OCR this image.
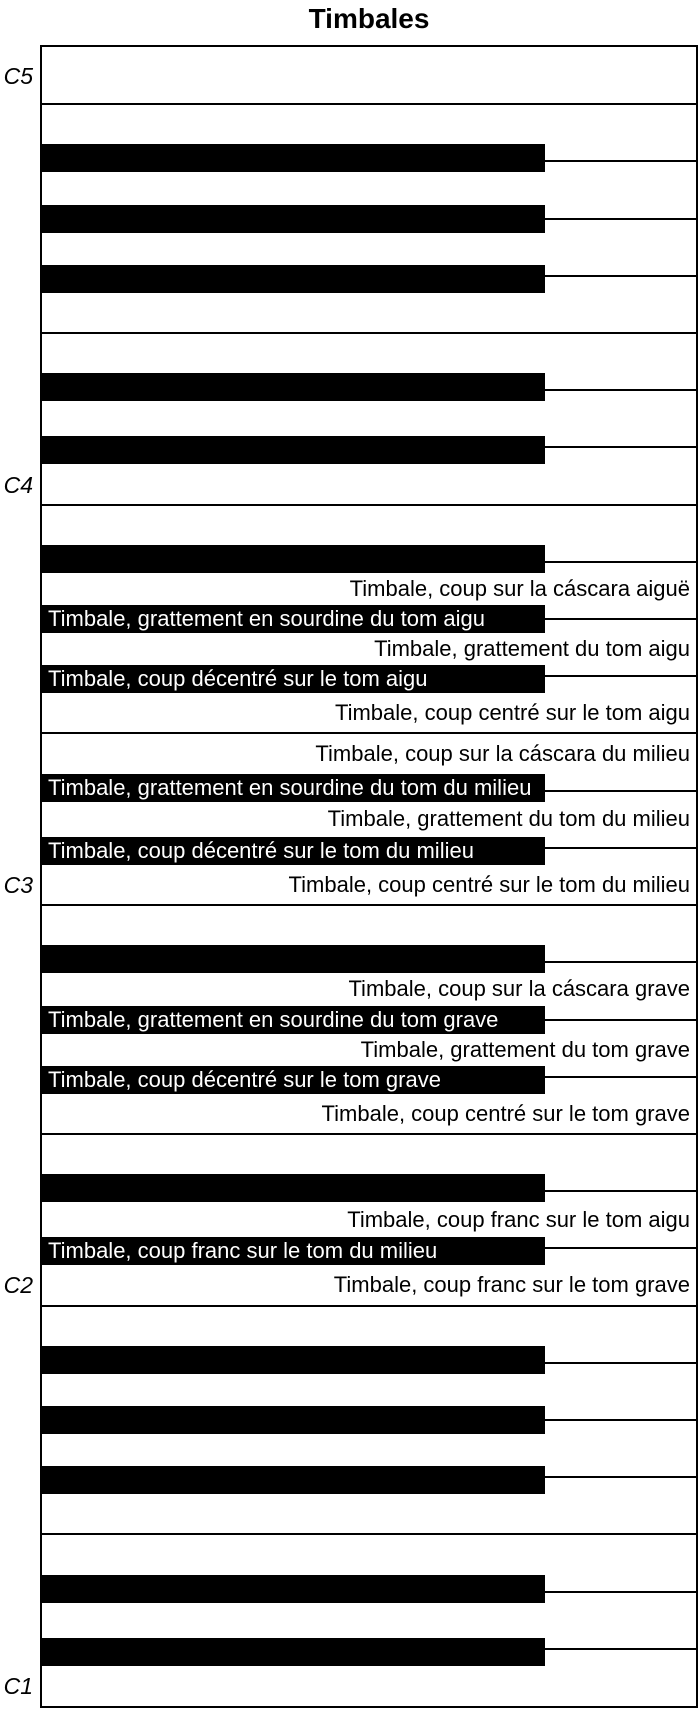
Timbales
Timbale, coup sur la cáscara aiguë
Timbale, grattement en sourdine du tom aigu
Timbale, grattement du tom aigu
Timbale, coup décentré sur le tom aigu
Timbale, coup centré sur le tom aigu
Timbale, coup sur la cáscara du milieu
Timbale, grattement en sourdine du tom du milieu
Timbale, grattement du tom du milieu
Timbale, coup décentré sur le tom du milieu
Timbale, coup centré sur le tom du milieu
Timbale, coup sur la cáscara grave
Timbale, grattement en sourdine du tom grave
Timbale, grattement du tom grave
Timbale, coup décentré sur le tom grave
Timbale, coup centré sur le tom grave
Timbale, coup franc sur le tom aigu
Timbale, coup franc sur le tom du milieu
Timbale, coup franc sur le tom grave
C5
C4
C3
C2
C1
